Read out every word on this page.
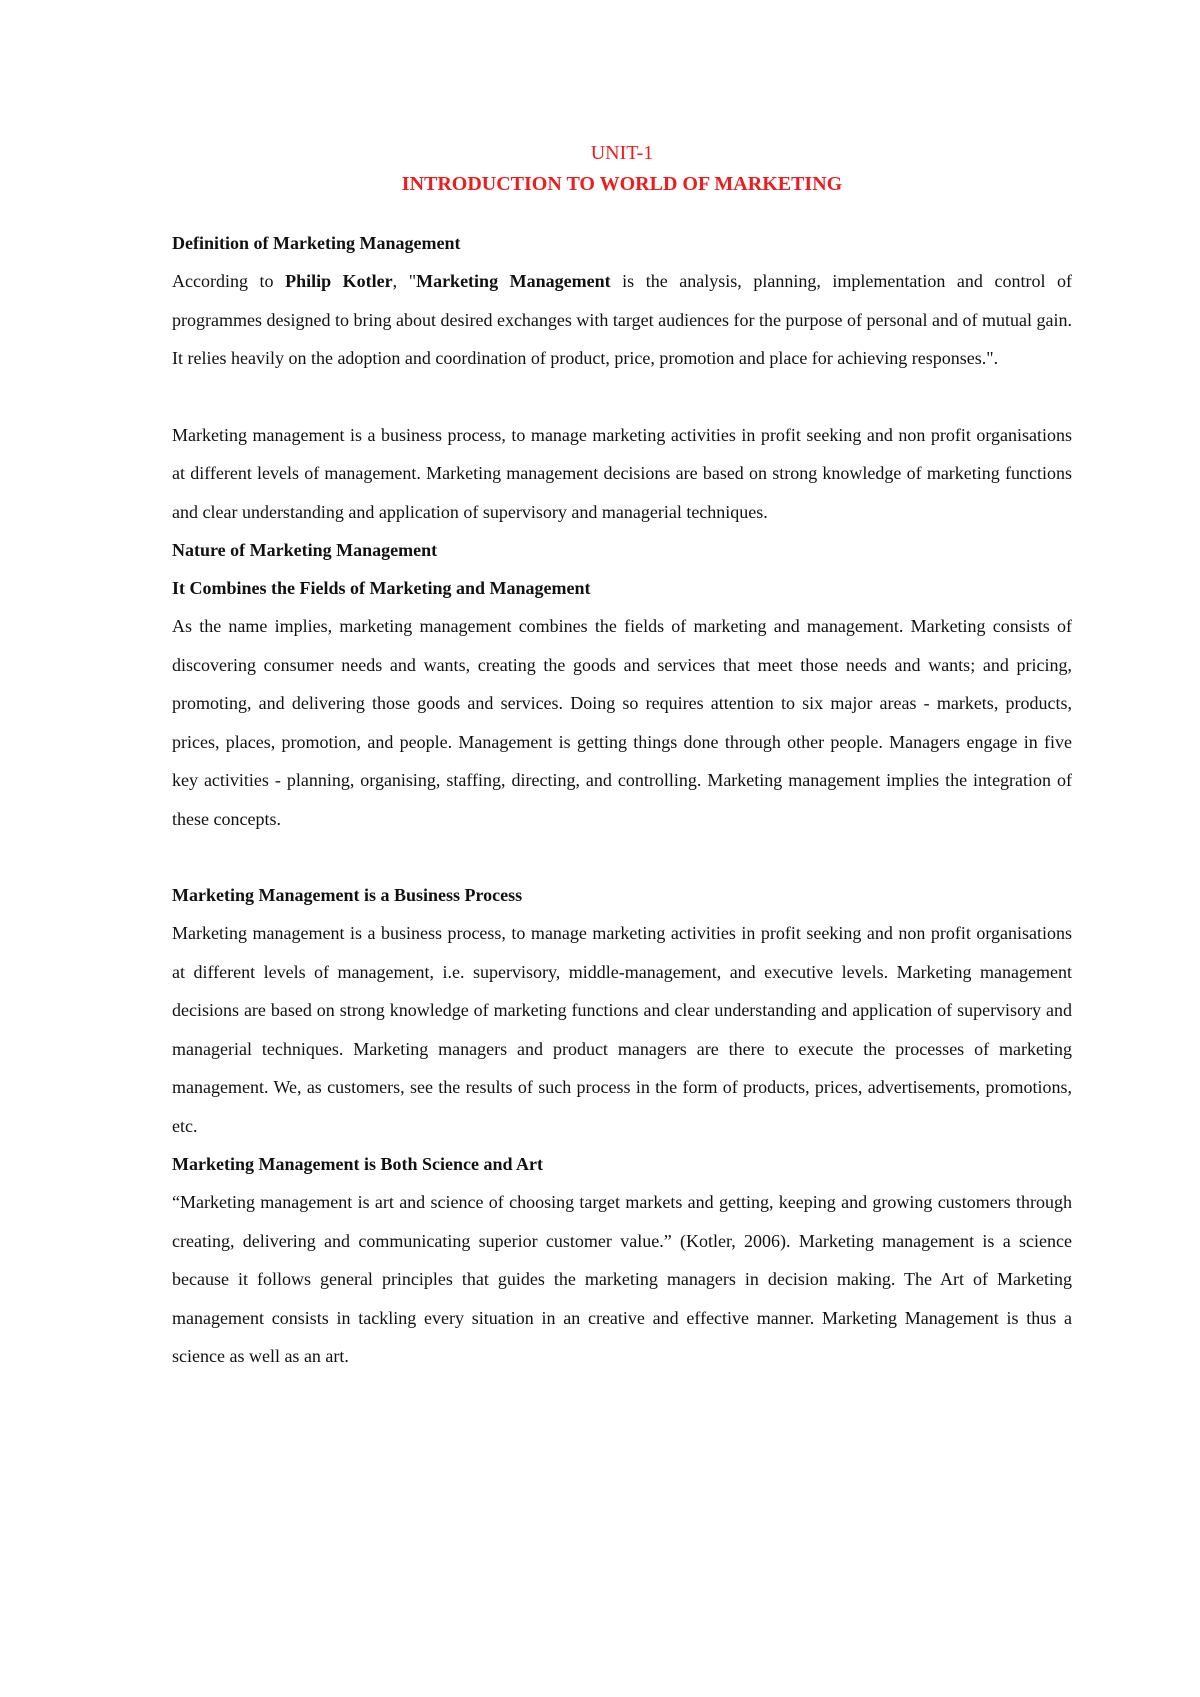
UNIT-1

INTRODUCTION TO WORLD OF MARKETING

Definition of Marketing Management

According to Philip Kotler, "Marketing Management is the analysis, planning, implementation and control of programmes designed to bring about desired exchanges with target audiences for the purpose of personal and of mutual gain. It relies heavily on the adoption and coordination of product, price, promotion and place for achieving responses.".

Marketing management is a business process, to manage marketing activities in profit seeking and non profit organisations at different levels of management. Marketing management decisions are based on strong knowledge of marketing functions and clear understanding and application of supervisory and managerial techniques.

Nature of Marketing Management

It Combines the Fields of Marketing and Management

As the name implies, marketing management combines the fields of marketing and management. Marketing consists of discovering consumer needs and wants, creating the goods and services that meet those needs and wants; and pricing, promoting, and delivering those goods and services. Doing so requires attention to six major areas - markets, products, prices, places, promotion, and people. Management is getting things done through other people. Managers engage in five key activities - planning, organising, staffing, directing, and controlling. Marketing management implies the integration of these concepts.

Marketing Management is a Business Process

Marketing management is a business process, to manage marketing activities in profit seeking and non profit organisations at different levels of management, i.e. supervisory, middle-management, and executive levels. Marketing management decisions are based on strong knowledge of marketing functions and clear understanding and application of supervisory and managerial techniques. Marketing managers and product managers are there to execute the processes of marketing management. We, as customers, see the results of such process in the form of products, prices, advertisements, promotions, etc.

Marketing Management is Both Science and Art

“Marketing management is art and science of choosing target markets and getting, keeping and growing customers through creating, delivering and communicating superior customer value.” (Kotler, 2006). Marketing management is a science because it follows general principles that guides the marketing managers in decision making. The Art of Marketing management consists in tackling every situation in an creative and effective manner. Marketing Management is thus a science as well as an art.
